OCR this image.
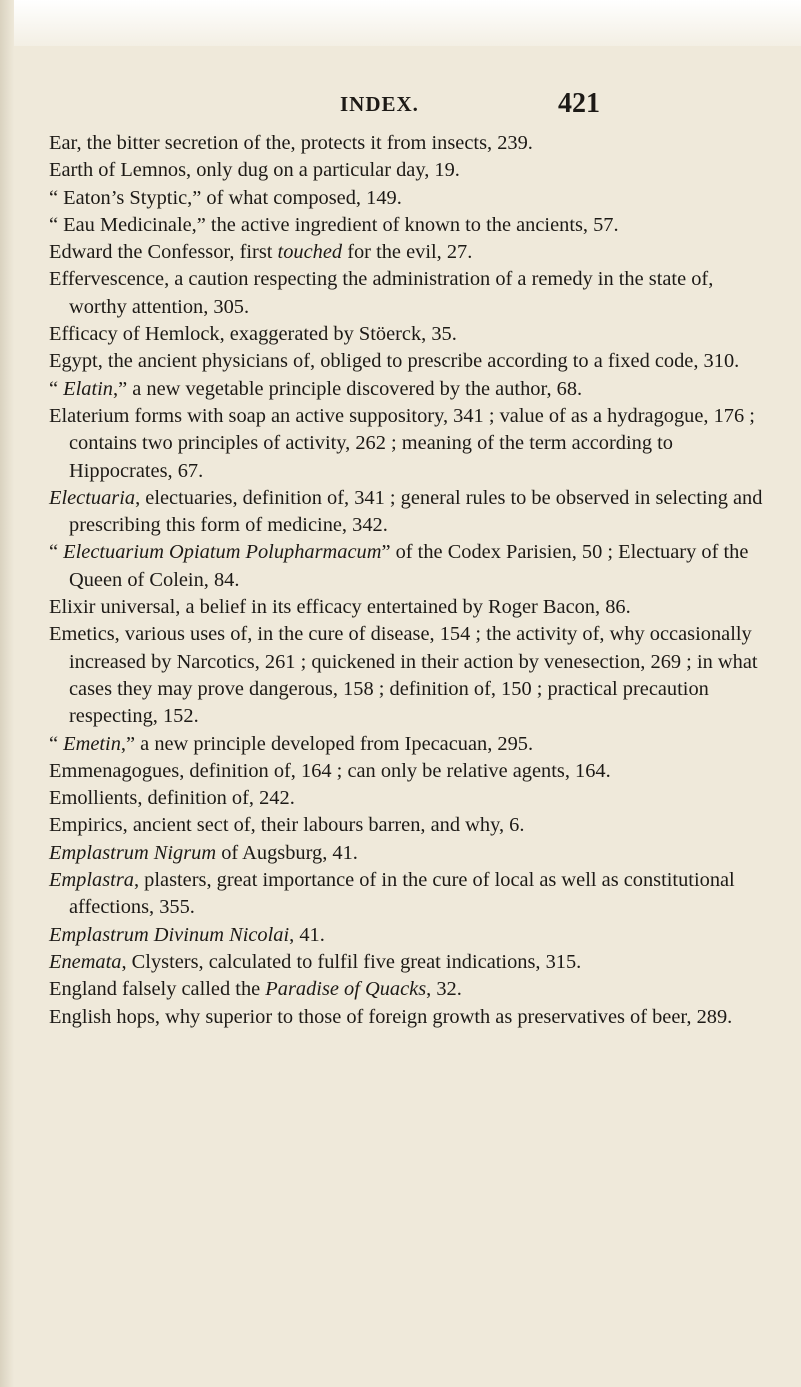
INDEX.	421
Ear, the bitter secretion of the, protects it from insects, 239.
Earth of Lemnos, only dug on a particular day, 19.
“ Eaton’s Styptic,” of what composed, 149.
“ Eau Medicinale,” the active ingredient of known to the ancients, 57.
Edward the Confessor, first touched for the evil, 27.
Effervescence, a caution respecting the administration of a remedy in the state of, worthy attention, 305.
Efficacy of Hemlock, exaggerated by Stöerck, 35.
Egypt, the ancient physicians of, obliged to prescribe according to a fixed code, 310.
“ Elatin,” a new vegetable principle discovered by the author, 68.
Elaterium forms with soap an active suppository, 341 ; value of as a hydragogue, 176 ; contains two principles of activity, 262 ; meaning of the term according to Hippocrates, 67.
Electuaria, electuaries, definition of, 341 ; general rules to be observed in selecting and prescribing this form of medicine, 342.
“ Electuarium Opiatum Polupharmacum” of the Codex Parisien, 50 ; Electuary of the Queen of Colein, 84.
Elixir universal, a belief in its efficacy entertained by Roger Bacon, 86.
Emetics, various uses of, in the cure of disease, 154 ; the activity of, why occasionally increased by Narcotics, 261 ; quickened in their action by venesection, 269 ; in what cases they may prove dangerous, 158 ; definition of, 150 ; practical precaution respecting, 152.
“ Emetin,” a new principle developed from Ipecacuan, 295.
Emmenagogues, definition of, 164 ; can only be relative agents, 164.
Emollients, definition of, 242.
Empirics, ancient sect of, their labours barren, and why, 6.
Emplastrum Nigrum of Augsburg, 41.
Emplastra, plasters, great importance of in the cure of local as well as constitutional affections, 355.
Emplastrum Divinum Nicolai, 41.
Enemata, Clysters, calculated to fulfil five great indications, 315.
England falsely called the Paradise of Quacks, 32.
English hops, why superior to those of foreign growth as preservatives of beer, 289.
